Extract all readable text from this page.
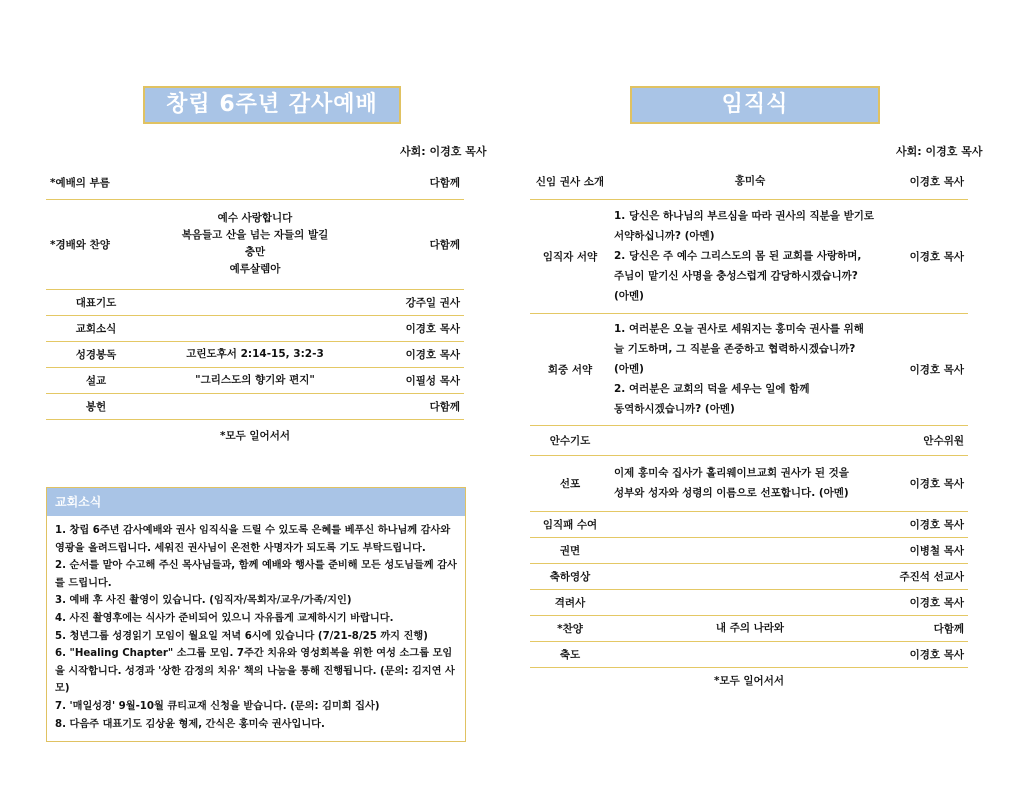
창립 6주년 감사예배
사회: 이경호 목사
*예배의 부름		다함께
*경배와 찬양	예수 사랑합니다
복음들고 산을 넘는 자들의 발길
충만
예루살렘아	다함께
대표기도		강주일 권사
교회소식		이경호 목사
성경봉독	고린도후서 2:14-15, 3:2-3	이경호 목사
설교	"그리스도의 향기와 편지"	이필성 목사
봉헌		다함께
*모두 일어서서
교회소식
1. 창립 6주년 감사예배와 권사 임직식을 드릴 수 있도록 은혜를 베푸신 하나님께 감사와 영광을 올려드립니다. 세워진 권사님이 온전한 사명자가 되도록 기도 부탁드립니다.
2. 순서를 맡아 수고해 주신 목사님들과, 함께 예배와 행사를 준비해 모든 성도님들께 감사를 드립니다.
3. 예배 후 사진 촬영이 있습니다. (임직자/목회자/교우/가족/지인)
4. 사진 촬영후에는 식사가 준비되어 있으니 자유롭게 교제하시기 바랍니다.
5. 청년그룹 성경읽기 모임이 월요일 저녁 6시에 있습니다 (7/21-8/25 까지 진행)
6. "Healing Chapter" 소그룹 모임. 7주간 치유와 영성회복을 위한 여성 소그룹 모임을 시작합니다. 성경과 '상한 감정의 치유' 책의 나눔을 통해 진행됩니다. (문의: 김지연 사모)
7. '매일성경' 9월-10월 큐티교재 신청을 받습니다. (문의: 김미희 집사)
8. 다음주 대표기도 김상윤 형제, 간식은 홍미숙 권사입니다.
임직식
사회: 이경호 목사
신임 권사 소개	홍미숙	이경호 목사
임직자 서약	1. 당신은 하나님의 부르심을 따라 권사의 직분을 받기로
서약하십니까? (아멘)
2. 당신은 주 예수 그리스도의 몸 된 교회를 사랑하며,
주님이 맡기신 사명을 충성스럽게 감당하시겠습니까?
(아멘)	이경호 목사
회중 서약	1. 여러분은 오늘 권사로 세워지는 홍미숙 권사를 위해
늘 기도하며, 그 직분을 존중하고 협력하시겠습니까?
(아멘)
2. 여러분은 교회의 덕을 세우는 일에 함께
동역하시겠습니까? (아멘)	이경호 목사
안수기도		안수위원
선포	이제 홍미숙 집사가 홀리웨이브교회 권사가 된 것을
성부와 성자와 성령의 이름으로 선포합니다. (아멘)	이경호 목사
임직패 수여		이경호 목사
권면		이병철 목사
축하영상		주진석 선교사
격려사		이경호 목사
*찬양	내 주의 나라와	다함께
축도		이경호 목사
*모두 일어서서
